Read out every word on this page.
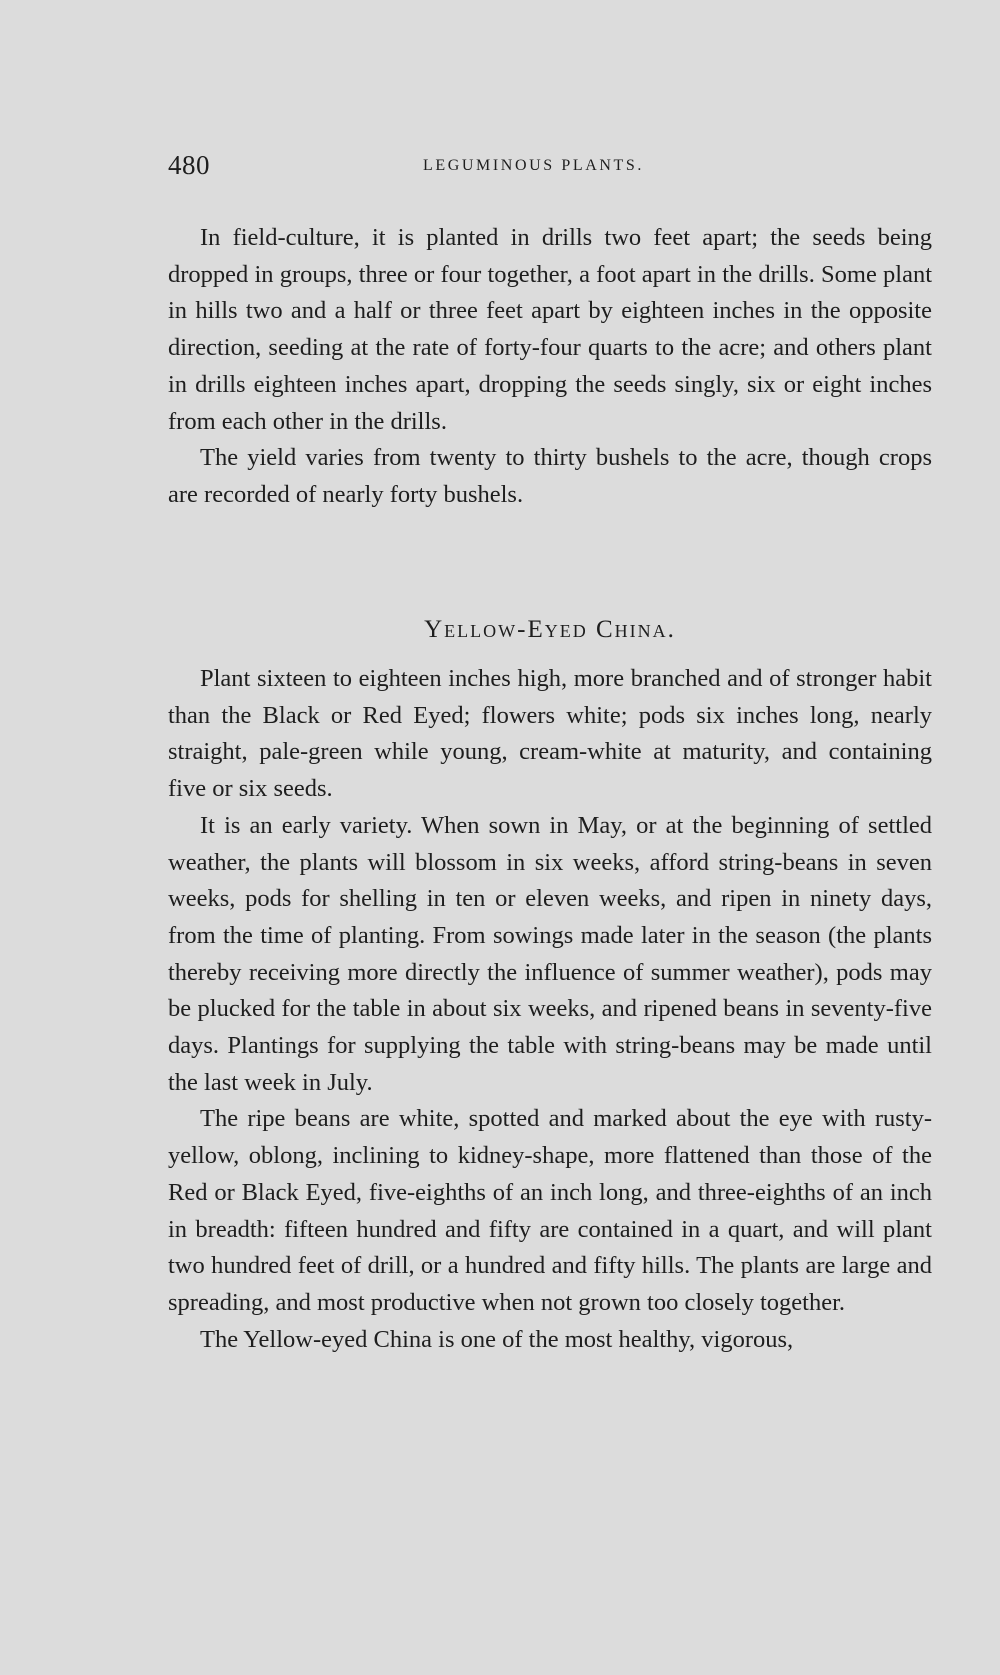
480	LEGUMINOUS PLANTS.

In field-culture, it is planted in drills two feet apart; the seeds being dropped in groups, three or four together, a foot apart in the drills. Some plant in hills two and a half or three feet apart by eighteen inches in the opposite direction, seeding at the rate of forty-four quarts to the acre; and others plant in drills eighteen inches apart, dropping the seeds singly, six or eight inches from each other in the drills.

The yield varies from twenty to thirty bushels to the acre, though crops are recorded of nearly forty bushels.

Yellow-Eyed China.

Plant sixteen to eighteen inches high, more branched and of stronger habit than the Black or Red Eyed; flowers white; pods six inches long, nearly straight, pale-green while young, cream-white at maturity, and containing five or six seeds.

It is an early variety. When sown in May, or at the beginning of settled weather, the plants will blossom in six weeks, afford string-beans in seven weeks, pods for shelling in ten or eleven weeks, and ripen in ninety days, from the time of planting. From sowings made later in the season (the plants thereby receiving more directly the influence of summer weather), pods may be plucked for the table in about six weeks, and ripened beans in seventy-five days. Plantings for supplying the table with string-beans may be made until the last week in July.

The ripe beans are white, spotted and marked about the eye with rusty-yellow, oblong, inclining to kidney-shape, more flattened than those of the Red or Black Eyed, five-eighths of an inch long, and three-eighths of an inch in breadth: fifteen hundred and fifty are contained in a quart, and will plant two hundred feet of drill, or a hundred and fifty hills. The plants are large and spreading, and most productive when not grown too closely together.

The Yellow-eyed China is one of the most healthy, vigorous,
